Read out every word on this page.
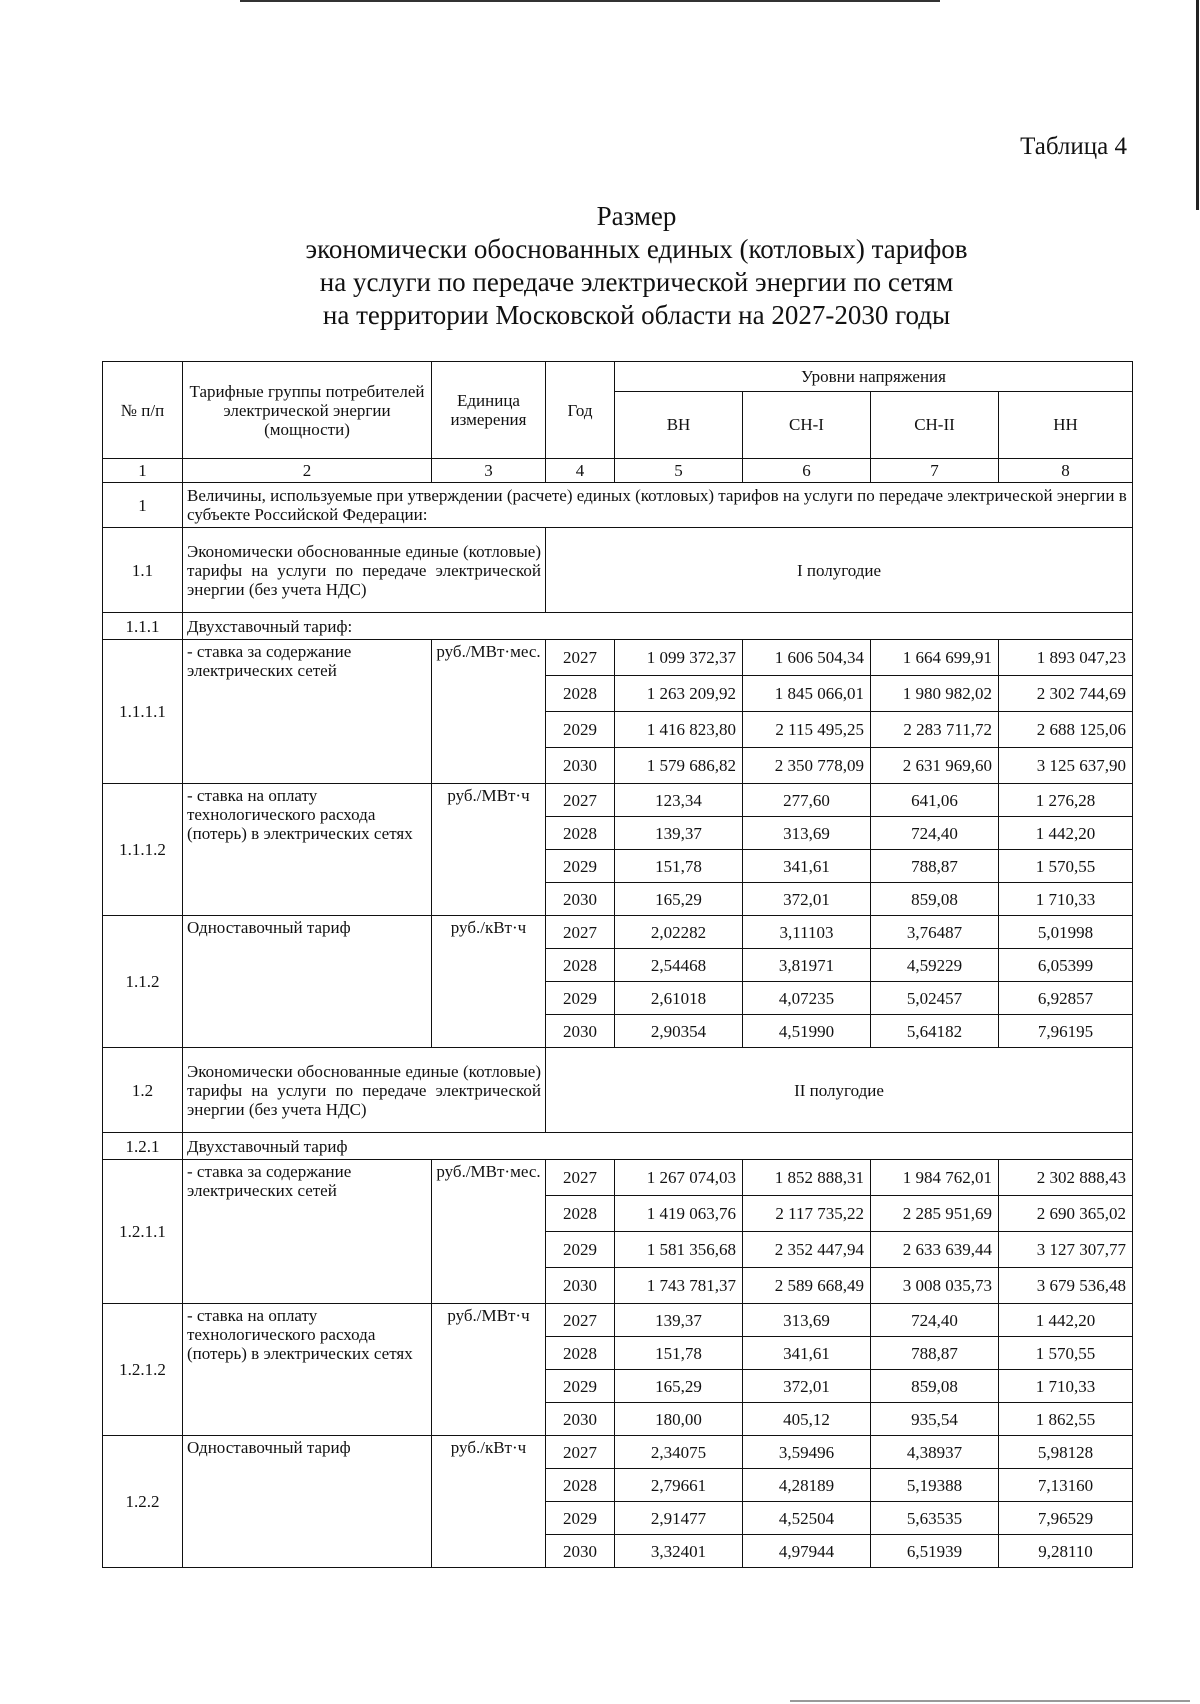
Таблица 4
Размер
экономически обоснованных единых (котловых) тарифов
на услуги по передаче электрической энергии по сетям
на территории Московской области на 2027-2030 годы
№ п/п	Тарифные группы потребителей электрической энергии (мощности)	Единица измерения	Год	Уровни напряжения			
				ВН	СН-I	СН-II	НН
1	2	3	4	5	6	7	8
1	Величины, используемые при утверждении (расчете) единых (котловых) тарифов на услуги по передаче электрической энергии в субъекте Российской Федерации:						
1.1	Экономически обоснованные единые (котловые) тарифы на услуги по передаче электрической энергии (без учета НДС)		I полугодие				
1.1.1	Двухставочный тариф:						
1.1.1.1	- ставка за содержание электрических сетей	руб./МВт·мес.	2027	1 099 372,37	1 606 504,34	1 664 699,91	1 893 047,23
			2028	1 263 209,92	1 845 066,01	1 980 982,02	2 302 744,69
			2029	1 416 823,80	2 115 495,25	2 283 711,72	2 688 125,06
			2030	1 579 686,82	2 350 778,09	2 631 969,60	3 125 637,90
1.1.1.2	- ставка на оплату технологического расхода (потерь) в электрических сетях	руб./МВт·ч	2027	123,34	277,60	641,06	1 276,28
			2028	139,37	313,69	724,40	1 442,20
			2029	151,78	341,61	788,87	1 570,55
			2030	165,29	372,01	859,08	1 710,33
1.1.2	Одноставочный тариф	руб./кВт·ч	2027	2,02282	3,11103	3,76487	5,01998
			2028	2,54468	3,81971	4,59229	6,05399
			2029	2,61018	4,07235	5,02457	6,92857
			2030	2,90354	4,51990	5,64182	7,96195
1.2	Экономически обоснованные единые (котловые) тарифы на услуги по передаче электрической энергии (без учета НДС)		II полугодие				
1.2.1	Двухставочный тариф						
1.2.1.1	- ставка за содержание электрических сетей	руб./МВт·мес.	2027	1 267 074,03	1 852 888,31	1 984 762,01	2 302 888,43
			2028	1 419 063,76	2 117 735,22	2 285 951,69	2 690 365,02
			2029	1 581 356,68	2 352 447,94	2 633 639,44	3 127 307,77
			2030	1 743 781,37	2 589 668,49	3 008 035,73	3 679 536,48
1.2.1.2	- ставка на оплату технологического расхода (потерь) в электрических сетях	руб./МВт·ч	2027	139,37	313,69	724,40	1 442,20
			2028	151,78	341,61	788,87	1 570,55
			2029	165,29	372,01	859,08	1 710,33
			2030	180,00	405,12	935,54	1 862,55
1.2.2	Одноставочный тариф	руб./кВт·ч	2027	2,34075	3,59496	4,38937	5,98128
			2028	2,79661	4,28189	5,19388	7,13160
			2029	2,91477	4,52504	5,63535	7,96529
			2030	3,32401	4,97944	6,51939	9,28110
